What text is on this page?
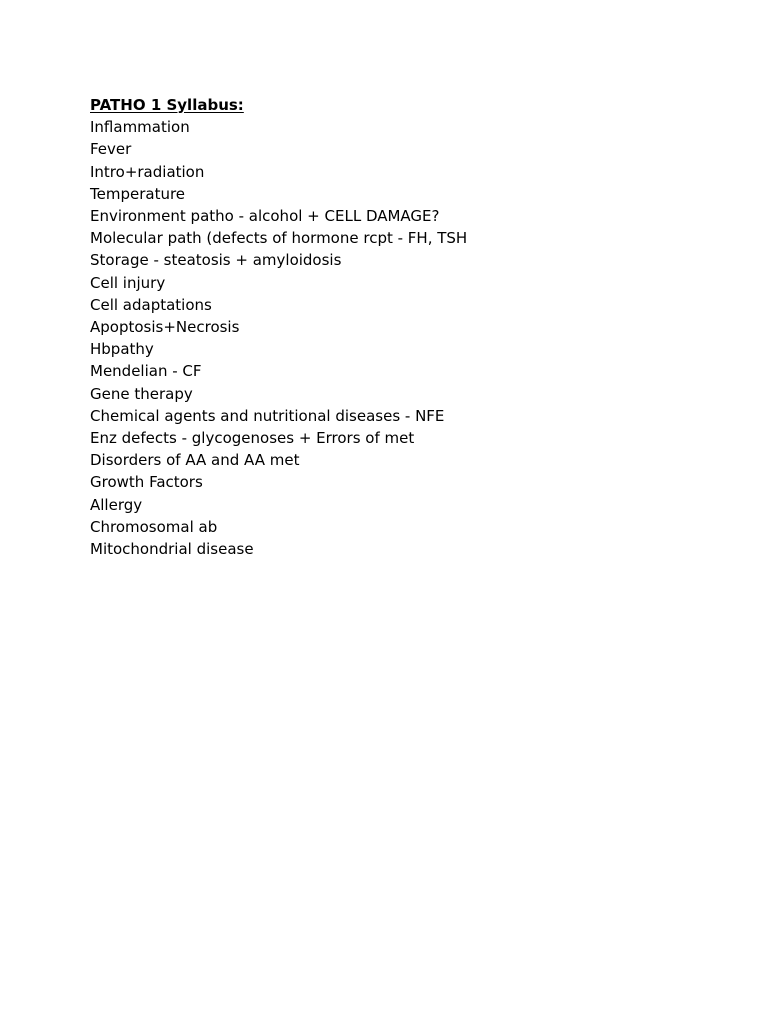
PATHO 1 Syllabus:
Inflammation
Fever
Intro+radiation
Temperature
Environment patho - alcohol + CELL DAMAGE?
Molecular path (defects of hormone rcpt - FH, TSH
Storage - steatosis + amyloidosis
Cell injury
Cell adaptations
Apoptosis+Necrosis
Hbpathy
Mendelian - CF
Gene therapy
Chemical agents and nutritional diseases - NFE
Enz defects - glycogenoses + Errors of met
Disorders of AA and AA met
Growth Factors
Allergy
Chromosomal ab
Mitochondrial disease
